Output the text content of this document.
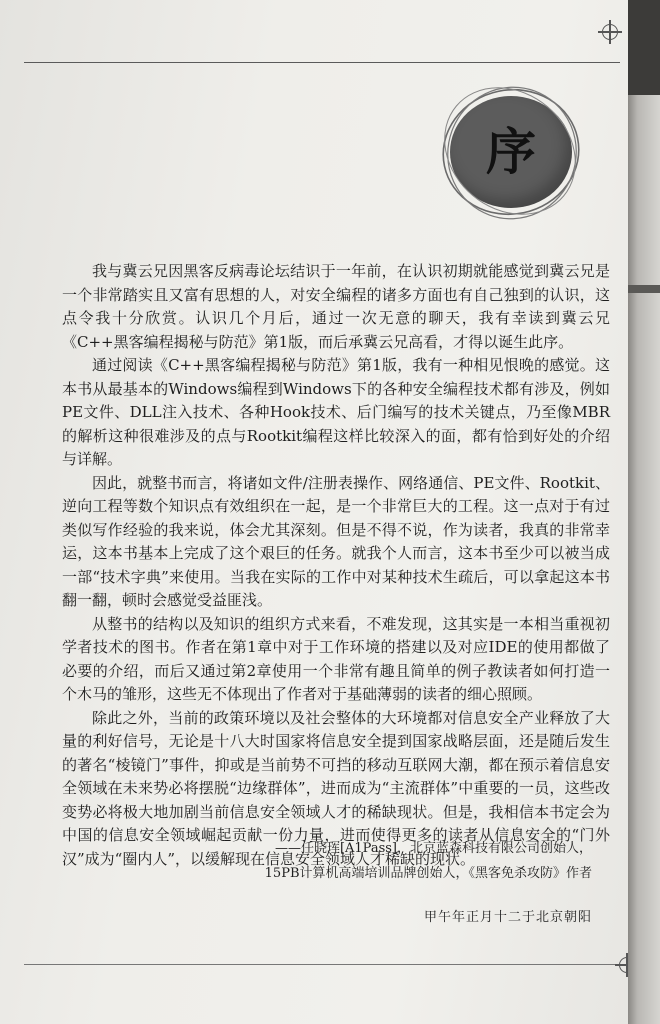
序

我与冀云兄因黑客反病毒论坛结识于一年前，在认识初期就能感觉到冀云兄是一个非常踏实且又富有思想的人，对安全编程的诸多方面也有自己独到的认识，这点令我十分欣赏。认识几个月后，通过一次无意的聊天，我有幸读到冀云兄《C++黑客编程揭秘与防范》第1版，而后承冀云兄高看，才得以诞生此序。

通过阅读《C++黑客编程揭秘与防范》第1版，我有一种相见恨晚的感觉。这本书从最基本的Windows编程到Windows下的各种安全编程技术都有涉及，例如PE文件、DLL注入技术、各种Hook技术、后门编写的技术关键点，乃至像MBR的解析这种很难涉及的点与Rootkit编程这样比较深入的面，都有恰到好处的介绍与详解。

因此，就整书而言，将诸如文件/注册表操作、网络通信、PE文件、Rootkit、逆向工程等数个知识点有效组织在一起，是一个非常巨大的工程。这一点对于有过类似写作经验的我来说，体会尤其深刻。但是不得不说，作为读者，我真的非常幸运，这本书基本上完成了这个艰巨的任务。就我个人而言，这本书至少可以被当成一部“技术字典”来使用。当我在实际的工作中对某种技术生疏后，可以拿起这本书翻一翻，顿时会感觉受益匪浅。

从整书的结构以及知识的组织方式来看，不难发现，这其实是一本相当重视初学者技术的图书。作者在第1章中对于工作环境的搭建以及对应IDE的使用都做了必要的介绍，而后又通过第2章使用一个非常有趣且简单的例子教读者如何打造一个木马的雏形，这些无不体现出了作者对于基础薄弱的读者的细心照顾。

除此之外，当前的政策环境以及社会整体的大环境都对信息安全产业释放了大量的利好信号，无论是十八大时国家将信息安全提到国家战略层面，还是随后发生的著名“棱镜门”事件，抑或是当前势不可挡的移动互联网大潮，都在预示着信息安全领域在未来势必将摆脱“边缘群体”，进而成为“主流群体”中重要的一员，这些改变势必将极大地加剧当前信息安全领域人才的稀缺现状。但是，我相信本书定会为中国的信息安全领域崛起贡献一份力量，进而使得更多的读者从信息安全的“门外汉”成为“圈内人”，以缓解现在信息安全领域人才稀缺的现状。

——任晓珲[A1Pass]，北京蓝森科技有限公司创始人，
15PB计算机高端培训品牌创始人，《黑客免杀攻防》作者
甲午年正月十二于北京朝阳
